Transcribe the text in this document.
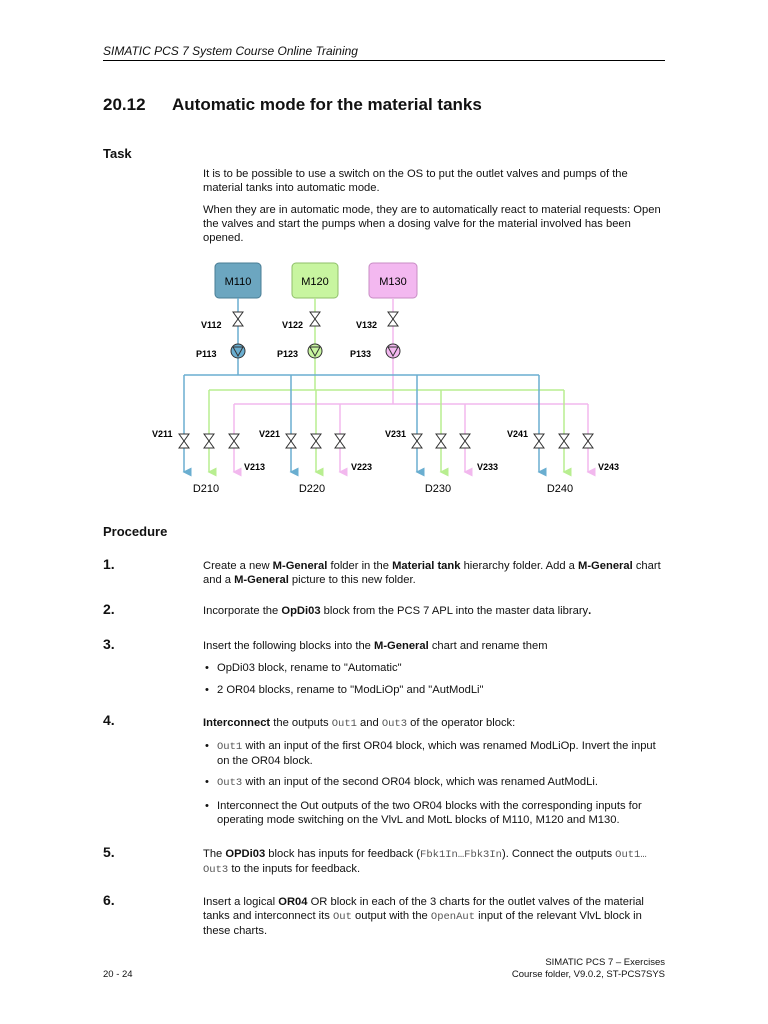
SIMATIC PCS 7 System Course Online Training
20.12 Automatic mode for the material tanks
Task
It is to be possible to use a switch on the OS to put the outlet valves and pumps of the material tanks into automatic mode.
When they are in automatic mode, they are to automatically react to material requests: Open the valves and start the pumps when a dosing valve for the material involved has been opened.
M110	M120	M130
V112	V122	V132
P113	P123	P133
V211	V221	V231	V241
V213	V223	V233	V243
D210	D220	D230	D240
Procedure
1.	Create a new M-General folder in the Material tank hierarchy folder. Add a M-General chart and a M-General picture to this new folder.
2.	Incorporate the OpDi03 block from the PCS 7 APL into the master data library.
3.	Insert the following blocks into the M-General chart and rename them
• OpDi03 block, rename to "Automatic"
• 2 OR04 blocks, rename to "ModLiOp" and "AutModLi"
4.	Interconnect the outputs Out1 and Out3 of the operator block:
• Out1 with an input of the first OR04 block, which was renamed ModLiOp. Invert the input on the OR04 block.
• Out3 with an input of the second OR04 block, which was renamed AutModLi.
• Interconnect the Out outputs of the two OR04 blocks with the corresponding inputs for operating mode switching on the VlvL and MotL blocks of M110, M120 and M130.
5.	The OPDi03 block has inputs for feedback (Fbk1In…Fbk3In). Connect the outputs Out1…Out3 to the inputs for feedback.
6.	Insert a logical OR04 OR block in each of the 3 charts for the outlet valves of the material tanks and interconnect its Out output with the OpenAut input of the relevant VlvL block in these charts.
20 - 24
SIMATIC PCS 7 – Exercises
Course folder, V9.0.2, ST-PCS7SYS
